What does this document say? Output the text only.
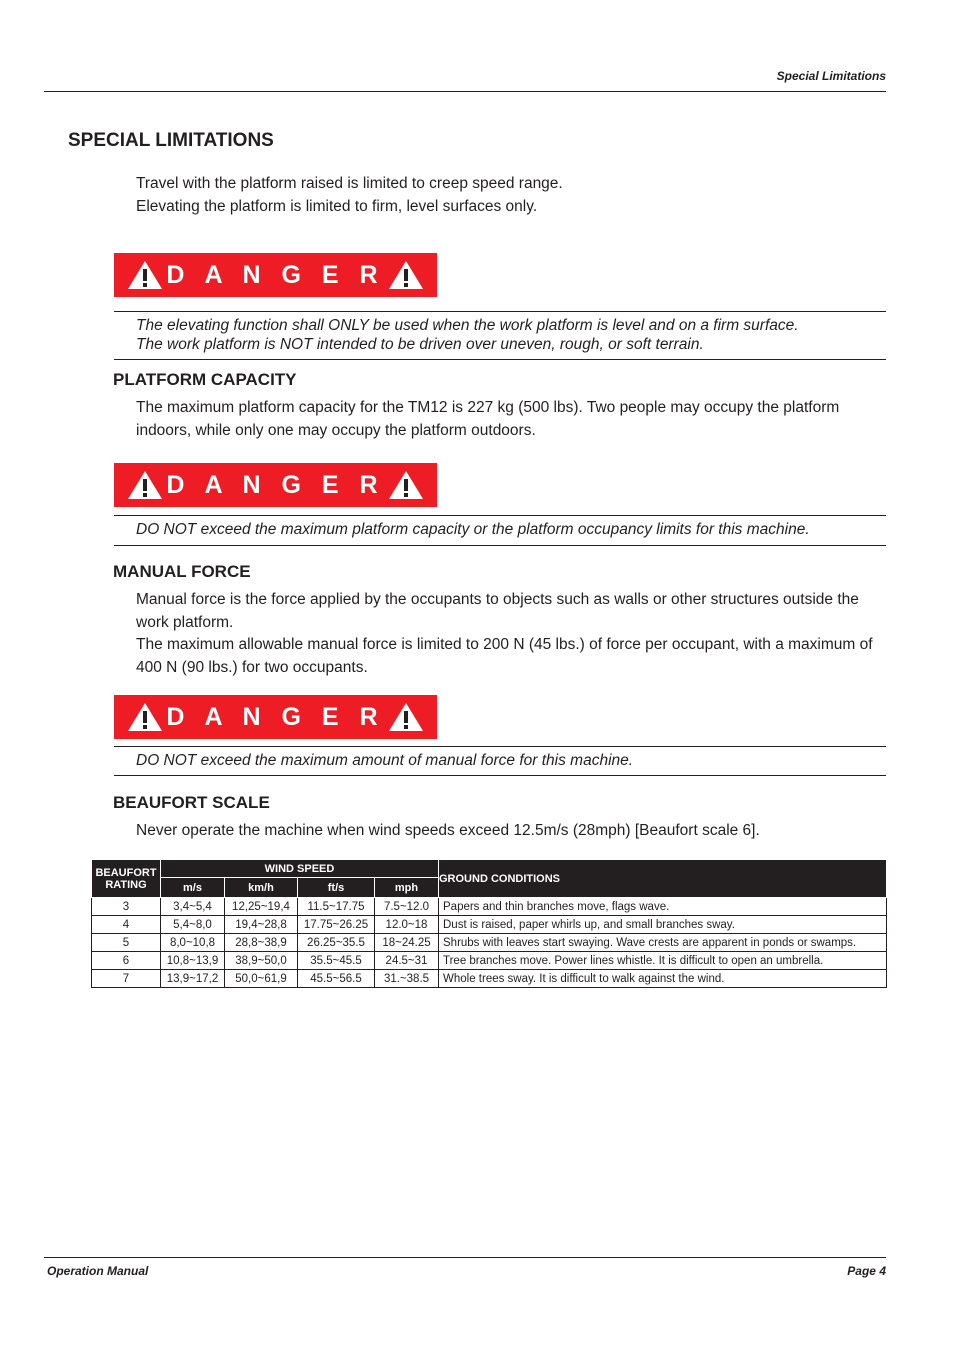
Special Limitations
SPECIAL LIMITATIONS

Travel with the platform raised is limited to creep speed range.

Elevating the platform is limited to firm, level surfaces only.

D A N G E R

The elevating function shall ONLY be used when the work platform is level and on a firm surface.

The work platform is NOT intended to be driven over uneven, rough, or soft terrain.

PLATFORM CAPACITY
The maximum platform capacity for the TM12 is 227 kg (500 lbs). Two people may occupy the platform indoors, while only one may occupy the platform outdoors.
D A N G E R
DO NOT exceed the maximum platform capacity or the platform occupancy limits for this machine.
MANUAL FORCE

Manual force is the force applied by the occupants to objects such as walls or other structures outside the work platform.

The maximum allowable manual force is limited to 200 N (45 lbs.) of force per occupant, with a maximum of 400 N (90 lbs.) for two occupants.

D A N G E R
DO NOT exceed the maximum amount of manual force for this machine.
BEAUFORT SCALE
Never operate the machine when wind speeds exceed 12.5m/s (28mph) [Beaufort scale 6].
BEAUFORT RATING	WIND SPEED				GROUND CONDITIONS
	m/s	km/h	ft/s	mph	
3	3,4~5,4	12,25~19,4	11.5~17.75	7.5~12.0	Papers and thin branches move, flags wave.
4	5,4~8,0	19,4~28,8	17.75~26.25	12.0~18	Dust is raised, paper whirls up, and small branches sway.
5	8,0~10,8	28,8~38,9	26.25~35.5	18~24.25	Shrubs with leaves start swaying. Wave crests are apparent in ponds or swamps.
6	10,8~13,9	38,9~50,0	35.5~45.5	24.5~31	Tree branches move. Power lines whistle. It is difficult to open an umbrella.
7	13,9~17,2	50,0~61,9	45.5~56.5	31.~38.5	Whole trees sway. It is difficult to walk against the wind.
Operation Manual	Page 4
